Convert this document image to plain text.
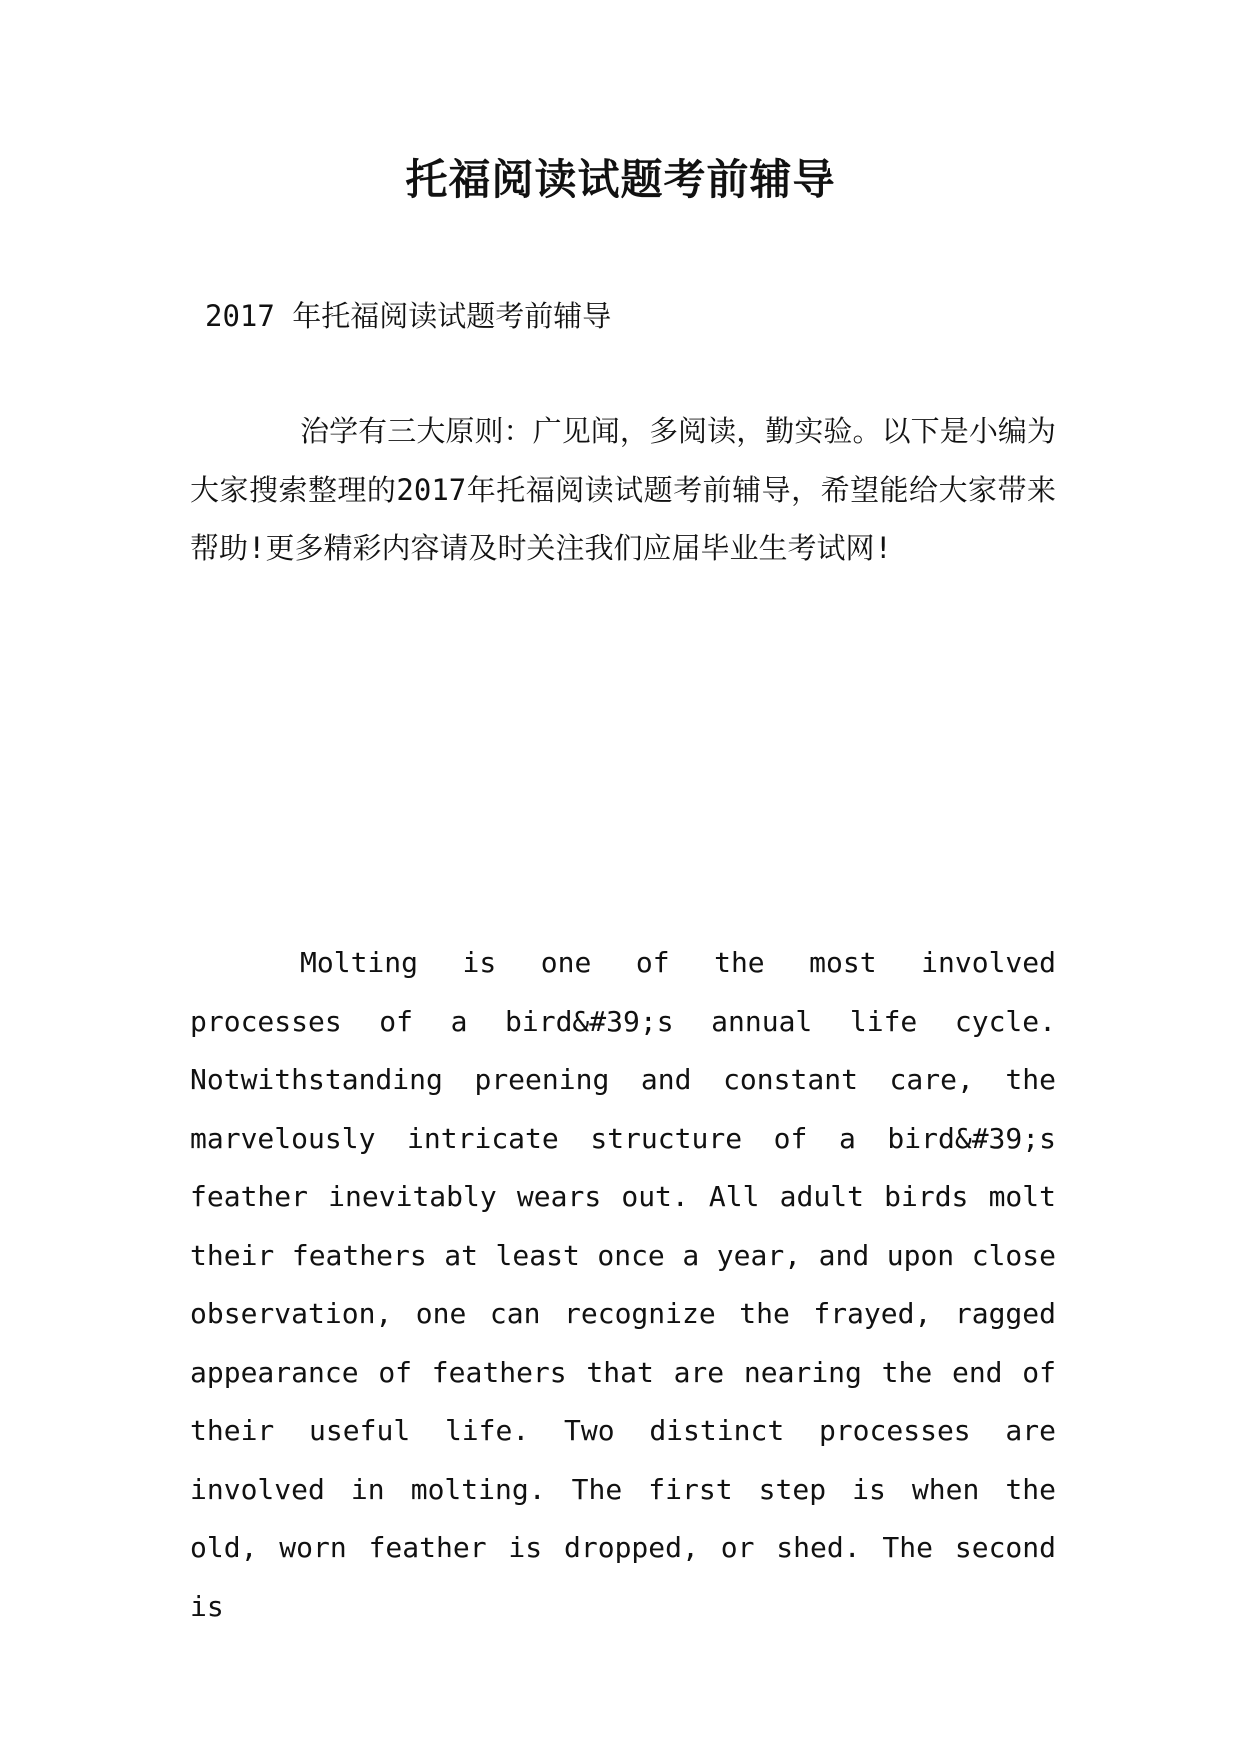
托福阅读试题考前辅导

2017 年托福阅读试题考前辅导

治学有三大原则：广见闻，多阅读，勤实验。以下是小编为大家搜索整理的2017年托福阅读试题考前辅导，希望能给大家带来帮助!更多精彩内容请及时关注我们应届毕业生考试网!

Molting is one of the most involved processes of a bird&#39;s annual life cycle. Notwithstanding preening and constant care, the marvelously intricate structure of a bird&#39;s feather inevitably wears out. All adult birds molt their feathers at least once a year, and upon close observation, one can recognize the frayed, ragged appearance of feathers that are nearing the end of their useful life. Two distinct processes are involved in molting. The first step is when the old, worn feather is dropped, or shed. The second is
